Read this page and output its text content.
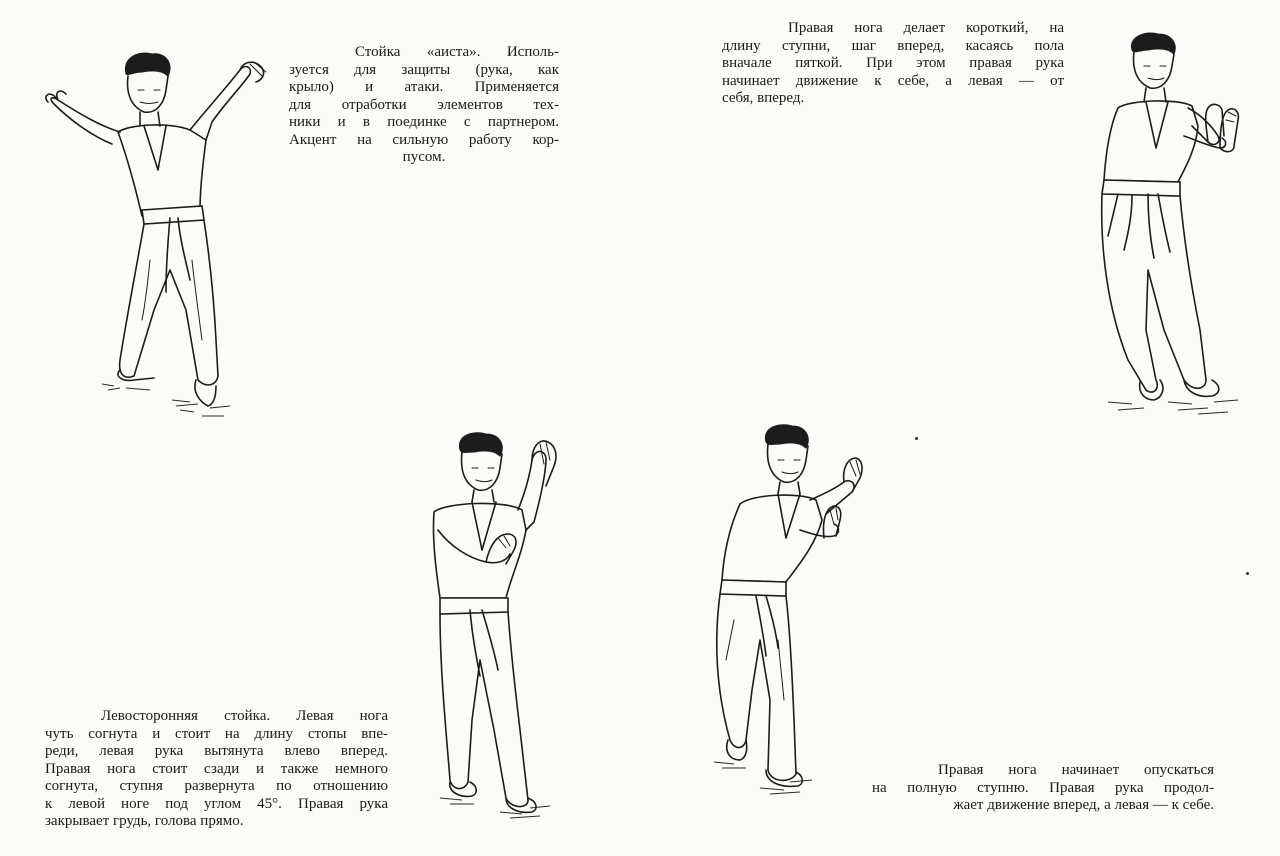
Стойка «аиста». Исполь-
зуется для защиты (рука, как
крыло) и атаки. Применяется
для отработки элементов тех-
ники и в поединке с партнером.
Акцент на сильную работу кор-
пусом.
Правая нога делает короткий, на
длину ступни, шаг вперед, касаясь пола
вначале пяткой. При этом правая рука
начинает движение к себе, а левая — от
себя, вперед.
Левосторонняя стойка. Левая нога
чуть согнута и стоит на длину стопы впе-
реди, левая рука вытянута влево вперед.
Правая нога стоит сзади и также немного
согнута, ступня развернута по отношению
к левой ноге под углом 45°. Правая рука
закрывает грудь, голова прямо.
Правая нога начинает опускаться
на полную ступню. Правая рука продол-
жает движение вперед, а левая — к себе.
